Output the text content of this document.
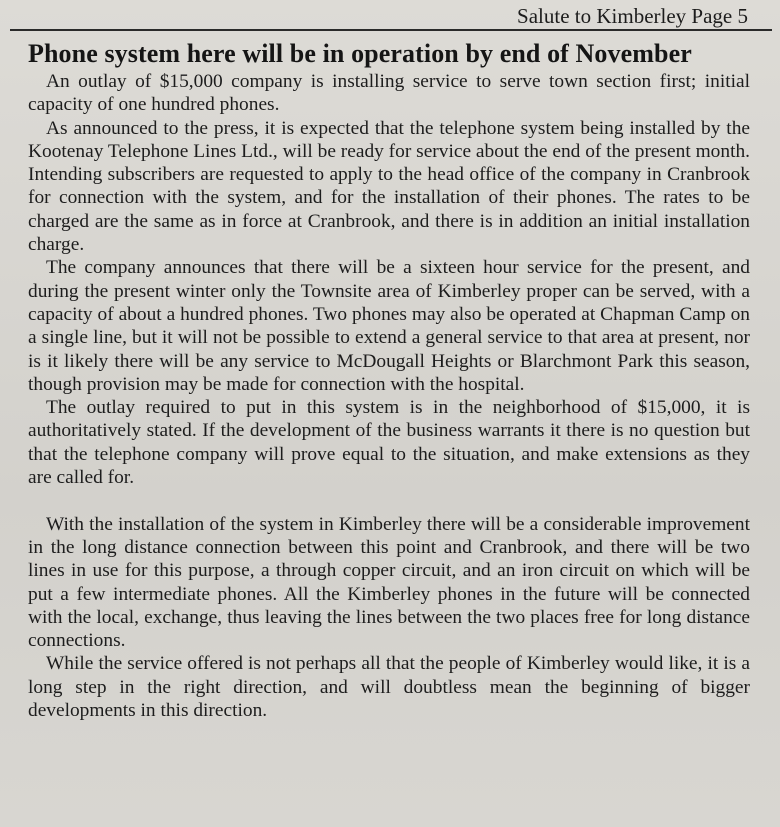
Salute to Kimberley Page 5
Phone system here will be in operation by end of November

An outlay of $15,000 company is installing service to serve town section first; initial capacity of one hundred phones.

As announced to the press, it is expected that the telephone system being installed by the Kootenay Telephone Lines Ltd., will be ready for service about the end of the present month. Intending subscribers are requested to apply to the head office of the company in Cranbrook for connection with the system, and for the installation of their phones. The rates to be charged are the same as in force at Cranbrook, and there is in addition an initial installation charge.

The company announces that there will be a sixteen hour service for the present, and during the present winter only the Townsite area of Kimberley proper can be served, with a capacity of about a hundred phones. Two phones may also be operated at Chapman Camp on a single line, but it will not be possible to extend a general service to that area at present, nor is it likely there will be any service to McDougall Heights or Blarchmont Park this season, though provision may be made for connection with the hospital.

The outlay required to put in this system is in the neighborhood of $15,000, it is authoritatively stated. If the development of the business warrants it there is no question but that the telephone company will prove equal to the situation, and make extensions as they are called for.

With the installation of the system in Kimberley there will be a considerable improvement in the long distance connection between this point and Cranbrook, and there will be two lines in use for this purpose, a through copper circuit, and an iron circuit on which will be put a few intermediate phones. All the Kimberley phones in the future will be connected with the local, exchange, thus leaving the lines between the two places free for long distance connections.

While the service offered is not perhaps all that the people of Kimberley would like, it is a long step in the right direction, and will doubtless mean the beginning of bigger developments in this direction.
